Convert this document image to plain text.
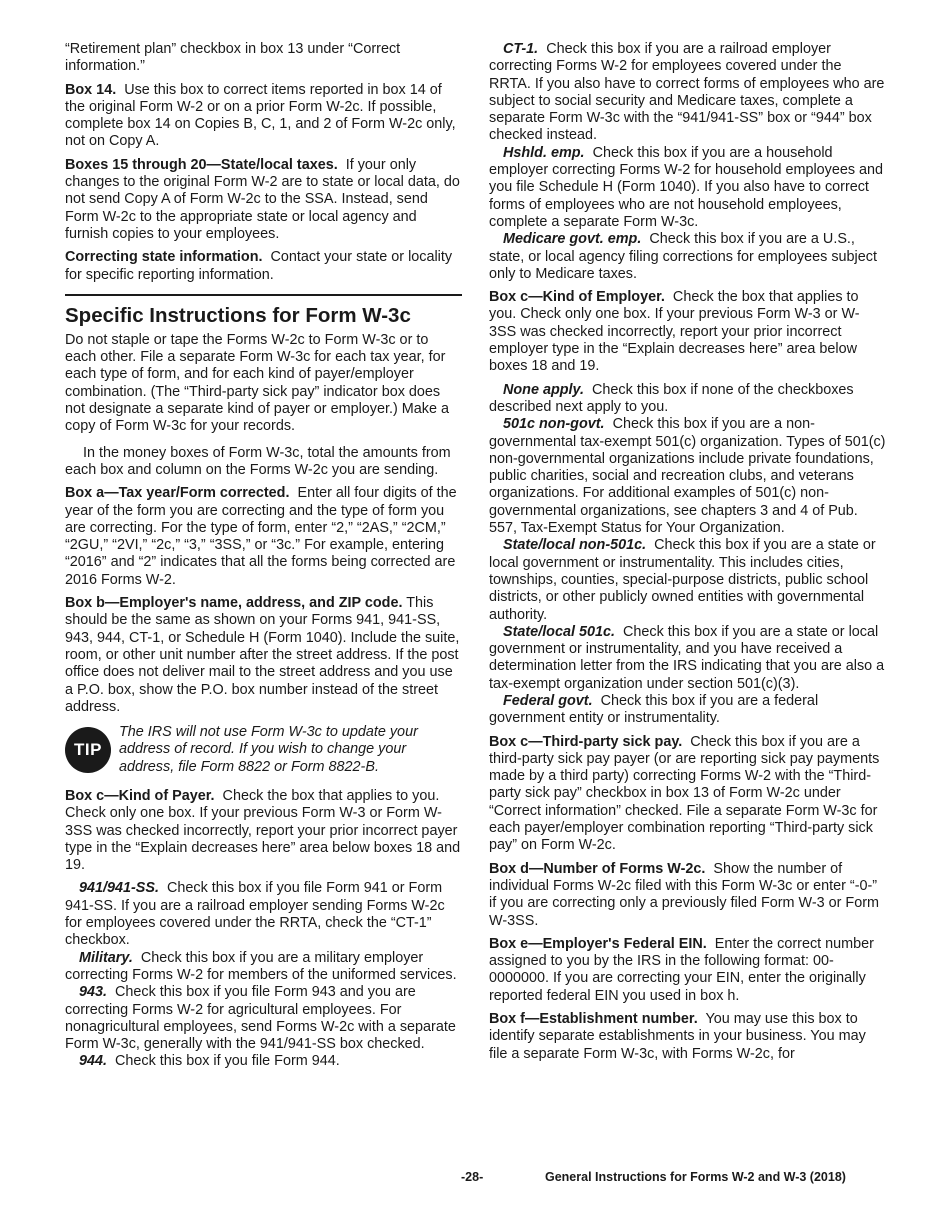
“Retirement plan” checkbox in box 13 under “Correct information.”

Box 14. Use this box to correct items reported in box 14 of the original Form W-2 or on a prior Form W-2c. If possible, complete box 14 on Copies B, C, 1, and 2 of Form W-2c only, not on Copy A.

Boxes 15 through 20—State/local taxes. If your only changes to the original Form W-2 are to state or local data, do not send Copy A of Form W-2c to the SSA. Instead, send Form W-2c to the appropriate state or local agency and furnish copies to your employees.

Correcting state information. Contact your state or locality for specific reporting information.

Specific Instructions for Form W-3c

Do not staple or tape the Forms W-2c to Form W-3c or to each other. File a separate Form W-3c for each tax year, for each type of form, and for each kind of payer/employer combination. (The “Third-party sick pay” indicator box does not designate a separate kind of payer or employer.) Make a copy of Form W-3c for your records.

In the money boxes of Form W-3c, total the amounts from each box and column on the Forms W-2c you are sending.

Box a—Tax year/Form corrected. Enter all four digits of the year of the form you are correcting and the type of form you are correcting. For the type of form, enter “2,” “2AS,” “2CM,” “2GU,” “2VI,” “2c,” “3,” “3SS,” or “3c.” For example, entering “2016” and “2” indicates that all the forms being corrected are 2016 Forms W-2.

Box b—Employer's name, address, and ZIP code. This should be the same as shown on your Forms 941, 941-SS, 943, 944, CT-1, or Schedule H (Form 1040). Include the suite, room, or other unit number after the street address. If the post office does not deliver mail to the street address and you use a P.O. box, show the P.O. box number instead of the street address.

TIP
The IRS will not use Form W-3c to update your address of record. If you wish to change your address, file Form 8822 or Form 8822-B.

Box c—Kind of Payer. Check the box that applies to you. Check only one box. If your previous Form W-3 or Form W-3SS was checked incorrectly, report your prior incorrect payer type in the “Explain decreases here” area below boxes 18 and 19.

941/941-SS. Check this box if you file Form 941 or Form 941-SS. If you are a railroad employer sending Forms W-2c for employees covered under the RRTA, check the “CT-1” checkbox.

Military. Check this box if you are a military employer correcting Forms W-2 for members of the uniformed services.

943. Check this box if you file Form 943 and you are correcting Forms W-2 for agricultural employees. For nonagricultural employees, send Forms W-2c with a separate Form W-3c, generally with the 941/941-SS box checked.

944. Check this box if you file Form 944.

CT-1. Check this box if you are a railroad employer correcting Forms W-2 for employees covered under the RRTA. If you also have to correct forms of employees who are subject to social security and Medicare taxes, complete a separate Form W-3c with the “941/941-SS” box or “944” box checked instead.

Hshld. emp. Check this box if you are a household employer correcting Forms W-2 for household employees and you file Schedule H (Form 1040). If you also have to correct forms of employees who are not household employees, complete a separate Form W-3c.

Medicare govt. emp. Check this box if you are a U.S., state, or local agency filing corrections for employees subject only to Medicare taxes.

Box c—Kind of Employer. Check the box that applies to you. Check only one box. If your previous Form W-3 or W-3SS was checked incorrectly, report your prior incorrect employer type in the “Explain decreases here” area below boxes 18 and 19.

None apply. Check this box if none of the checkboxes described next apply to you.

501c non-govt. Check this box if you are a non-governmental tax-exempt 501(c) organization. Types of 501(c) non-governmental organizations include private foundations, public charities, social and recreation clubs, and veterans organizations. For additional examples of 501(c) non-governmental organizations, see chapters 3 and 4 of Pub. 557, Tax-Exempt Status for Your Organization.

State/local non-501c. Check this box if you are a state or local government or instrumentality. This includes cities, townships, counties, special-purpose districts, public school districts, or other publicly owned entities with governmental authority.

State/local 501c. Check this box if you are a state or local government or instrumentality, and you have received a determination letter from the IRS indicating that you are also a tax-exempt organization under section 501(c)(3).

Federal govt. Check this box if you are a federal government entity or instrumentality.

Box c—Third-party sick pay. Check this box if you are a third-party sick pay payer (or are reporting sick pay payments made by a third party) correcting Forms W-2 with the “Third-party sick pay” checkbox in box 13 of Form W-2c under “Correct information” checked. File a separate Form W-3c for each payer/employer combination reporting “Third-party sick pay” on Form W-2c.

Box d—Number of Forms W-2c. Show the number of individual Forms W-2c filed with this Form W-3c or enter “-0-” if you are correcting only a previously filed Form W-3 or Form W-3SS.

Box e—Employer's Federal EIN. Enter the correct number assigned to you by the IRS in the following format: 00-0000000. If you are correcting your EIN, enter the originally reported federal EIN you used in box h.

Box f—Establishment number. You may use this box to identify separate establishments in your business. You may file a separate Form W-3c, with Forms W-2c, for

-28-	General Instructions for Forms W-2 and W-3 (2018)
